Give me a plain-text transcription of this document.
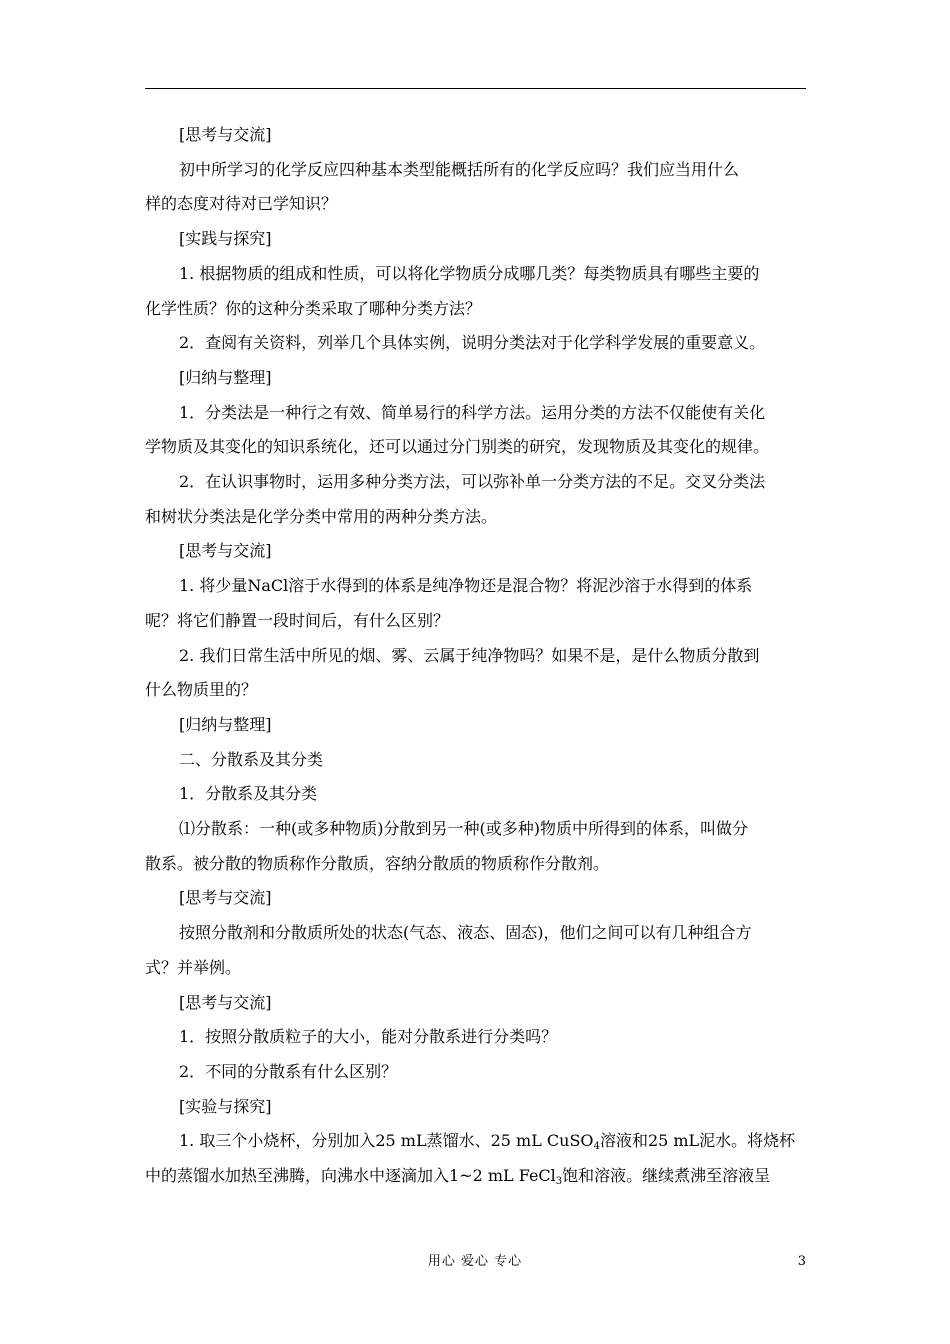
[思考与交流]

初中所学习的化学反应四种基本类型能概括所有的化学反应吗？我们应当用什么

样的态度对待对已学知识？

[实践与探究]

1. 根据物质的组成和性质，可以将化学物质分成哪几类？每类物质具有哪些主要的

化学性质？你的这种分类采取了哪种分类方法？

2．查阅有关资料，列举几个具体实例，说明分类法对于化学科学发展的重要意义。

[归纳与整理]

1．分类法是一种行之有效、简单易行的科学方法。运用分类的方法不仅能使有关化

学物质及其变化的知识系统化，还可以通过分门别类的研究，发现物质及其变化的规律。

2．在认识事物时，运用多种分类方法，可以弥补单一分类方法的不足。交叉分类法

和树状分类法是化学分类中常用的两种分类方法。

[思考与交流]

1. 将少量NaCl溶于水得到的体系是纯净物还是混合物？将泥沙溶于水得到的体系

呢？将它们静置一段时间后，有什么区别？

2. 我们日常生活中所见的烟、雾、云属于纯净物吗？如果不是，是什么物质分散到

什么物质里的？

[归纳与整理]

二、分散系及其分类

1．分散系及其分类

⑴分散系：一种(或多种物质)分散到另一种(或多种)物质中所得到的体系，叫做分

散系。被分散的物质称作分散质，容纳分散质的物质称作分散剂。

[思考与交流]

按照分散剂和分散质所处的状态(气态、液态、固态)，他们之间可以有几种组合方

式？并举例。

[思考与交流]

1．按照分散质粒子的大小，能对分散系进行分类吗？

2．不同的分散系有什么区别？

[实验与探究]

1. 取三个小烧杯，分别加入25 mL蒸馏水、25 mL CuSO$_4$溶液和25 mL泥水。将烧杯

中的蒸馏水加热至沸腾，向沸水中逐滴加入1~2 mL FeCl$_3$饱和溶液。继续煮沸至溶液呈

用心 爱心 专心	3
